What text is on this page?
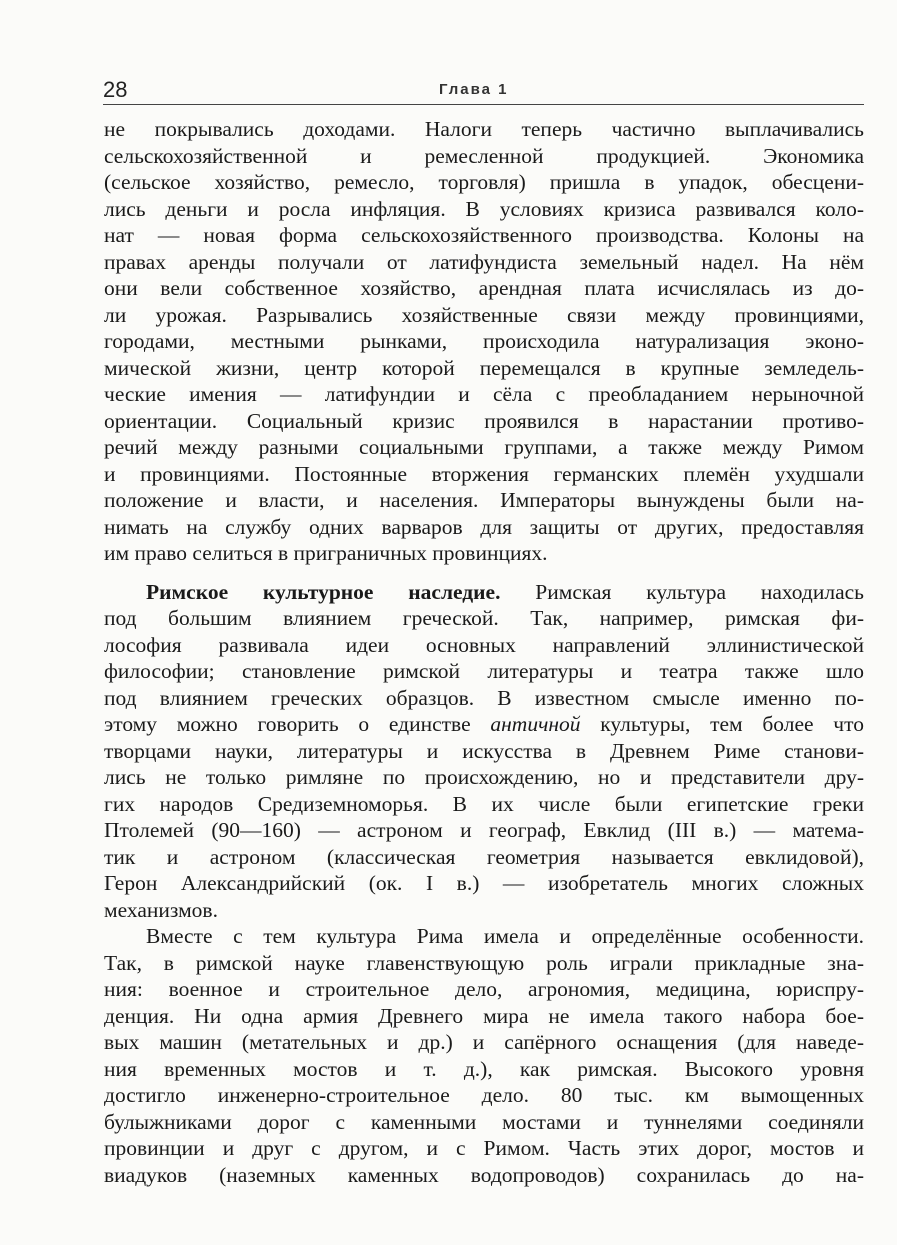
28	Глава 1
не покрывались доходами. Налоги теперь частично выплачивались
сельскохозяйственной и ремесленной продукцией. Экономика
(сельское хозяйство, ремесло, торговля) пришла в упадок, обесцени-
лись деньги и росла инфляция. В условиях кризиса развивался коло-
нат — новая форма сельскохозяйственного производства. Колоны на
правах аренды получали от латифундиста земельный надел. На нём
они вели собственное хозяйство, арендная плата исчислялась из до-
ли урожая. Разрывались хозяйственные связи между провинциями,
городами, местными рынками, происходила натурализация эконо-
мической жизни, центр которой перемещался в крупные земледель-
ческие имения — латифундии и сёла с преобладанием нерыночной
ориентации. Социальный кризис проявился в нарастании противо-
речий между разными социальными группами, а также между Римом
и провинциями. Постоянные вторжения германских племён ухудшали
положение и власти, и населения. Императоры вынуждены были на-
нимать на службу одних варваров для защиты от других, предоставляя
им право селиться в приграничных провинциях.
Римское культурное наследие. Римская культура находилась
под большим влиянием греческой. Так, например, римская фи-
лософия развивала идеи основных направлений эллинистической
философии; становление римской литературы и театра также шло
под влиянием греческих образцов. В известном смысле именно по-
этому можно говорить о единстве античной культуры, тем более что
творцами науки, литературы и искусства в Древнем Риме станови-
лись не только римляне по происхождению, но и представители дру-
гих народов Средиземноморья. В их числе были египетские греки
Птолемей (90—160) — астроном и географ, Евклид (III в.) — матема-
тик и астроном (классическая геометрия называется евклидовой),
Герон Александрийский (ок. I в.) — изобретатель многих сложных
механизмов.
Вместе с тем культура Рима имела и определённые особенности.
Так, в римской науке главенствующую роль играли прикладные зна-
ния: военное и строительное дело, агрономия, медицина, юриспру-
денция. Ни одна армия Древнего мира не имела такого набора бое-
вых машин (метательных и др.) и сапёрного оснащения (для наведе-
ния временных мостов и т. д.), как римская. Высокого уровня
достигло инженерно-строительное дело. 80 тыс. км вымощенных
булыжниками дорог с каменными мостами и туннелями соединяли
провинции и друг с другом, и с Римом. Часть этих дорог, мостов и
виадуков (наземных каменных водопроводов) сохранилась до на-
